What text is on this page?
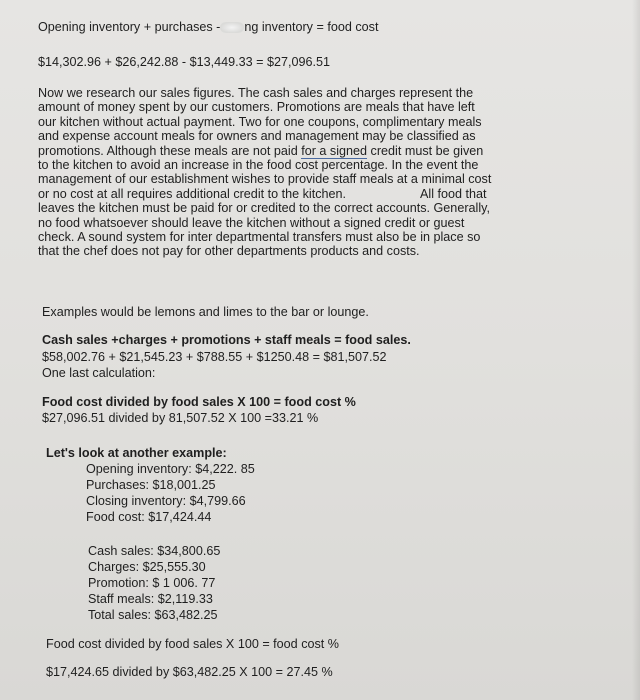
Opening inventory + purchases - ng inventory = food cost
$14,302.96 + $26,242.88 - $13,449.33 = $27,096.51
Now we research our sales figures. The cash sales and charges represent the
amount of money spent by our customers. Promotions are meals that have left
our kitchen without actual payment. Two for one coupons, complimentary meals
and expense account meals for owners and management may be classified as
promotions. Although these meals are not paid for a signed credit must be given
to the kitchen to avoid an increase in the food cost percentage. In the event the
management of our establishment wishes to provide staff meals at a minimal cost
or no cost at all requires additional credit to the kitchen.	All food that
leaves the kitchen must be paid for or credited to the correct accounts. Generally,
no food whatsoever should leave the kitchen without a signed credit or guest
check. A sound system for inter departmental transfers must also be in place so
that the chef does not pay for other departments products and costs.
Examples would be lemons and limes to the bar or lounge.
Cash sales +charges + promotions + staff meals = food sales.
$58,002.76 + $21,545.23 + $788.55 + $1250.48 = $81,507.52
One last calculation:
Food cost divided by food sales X 100 = food cost %
$27,096.51 divided by 81,507.52 X 100 =33.21 %
Let's look at another example:
Opening inventory: $4,222. 85
Purchases: $18,001.25
Closing inventory: $4,799.66
Food cost: $17,424.44
Cash sales: $34,800.65
Charges: $25,555.30
Promotion: $ 1 006. 77
Staff meals: $2,119.33
Total sales: $63,482.25
Food cost divided by food sales X 100 = food cost %
$17,424.65 divided by $63,482.25 X 100 = 27.45 %
